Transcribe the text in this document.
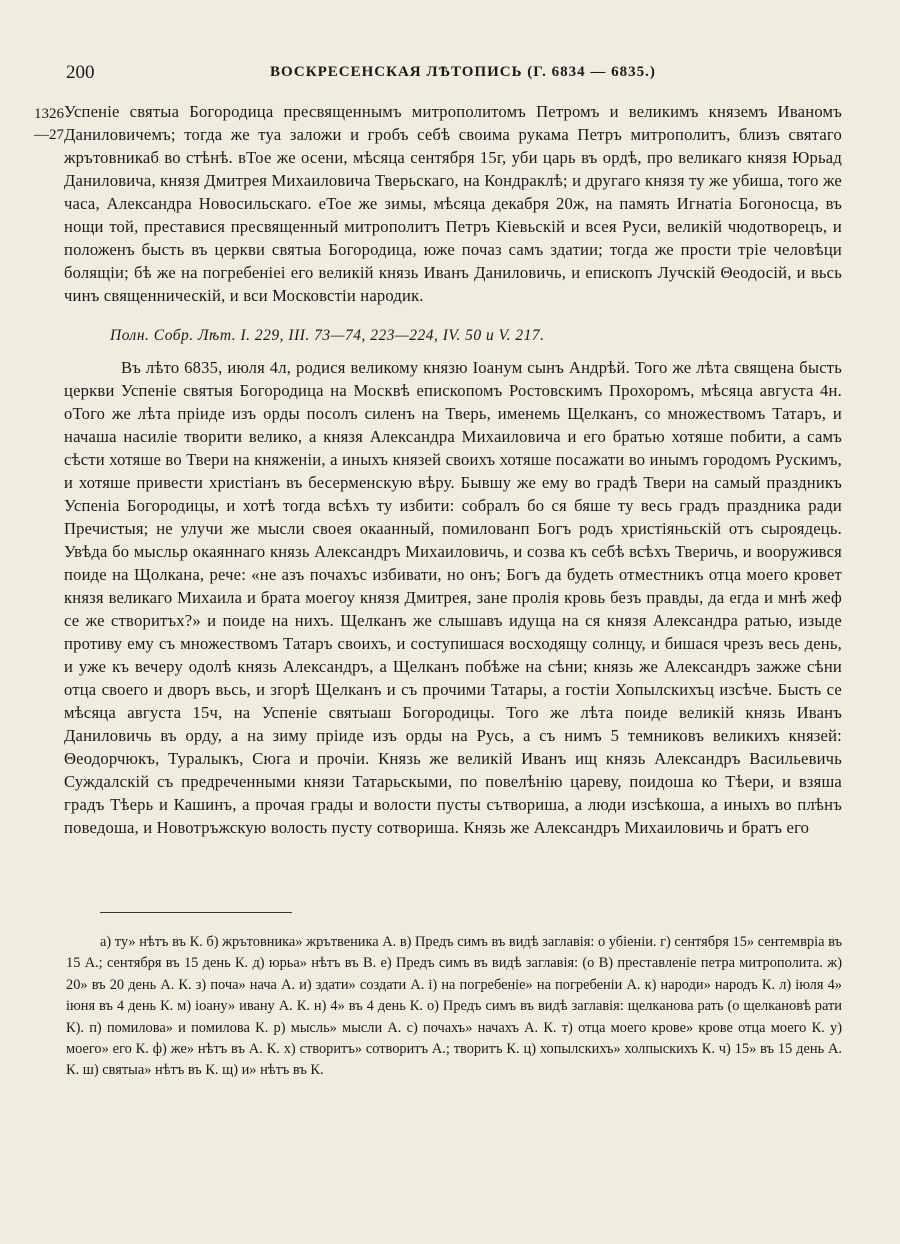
200	ВОСКРЕСЕНСКАЯ ЛѢТОПИСЬ (Г. 6834 — 6835.)
1326
—27

Успеніе святыа Богородица пресвященнымъ митрополитомъ Петромъ и великимъ княземъ Иваномъ Даниловичемъ; тогда же туа заложи и гробъ себѣ своима рукама Петръ митрополитъ, близъ святаго жрътовникаб во стѣнѣ. вТое же осени, мѣсяца сентября 15г, уби царь въ ордѣ, про великаго князя Юрьад Даниловича, князя Дмитрея Михаиловича Тверьскаго, на Кондраклѣ; и другаго князя ту же убиша, того же часа, Александра Новосильскаго. еТое же зимы, мѣсяца декабря 20ж, на память Игнатіа Богоносца, въ нощи той, преставися пресвященный митрополитъ Петръ Кіевьскій и всея Руси, великій чюдотворецъ, и положенъ бысть въ церкви святыа Богородица, юже почаз самъ здатии; тогда же прости тріе человѣци болящіи; бѣ же на погребеніеі его великій князь Иванъ Даниловичь, и епископъ Лучскій Θеодосій, и вьсь чинъ священническій, и вси Московстіи народик.

Полн. Собр. Лѣт. I. 229, III. 73—74, 223—224, IV. 50 и V. 217.

Въ лѣто 6835, июля 4л, родися великому князю Іоанум сынъ Андрѣй. Того же лѣта священа бысть церкви Успеніе святыя Богородица на Москвѣ епископомъ Ростовскимъ Прохоромъ, мѣсяца августа 4н. оТого же лѣта пріиде изъ орды посолъ силенъ на Тверь, именемь Щелканъ, со множествомъ Татаръ, и начаша насиліе творити велико, а князя Александра Михаиловича и его братью хотяше побити, а самъ сѣсти хотяше во Твери на княженіи, а иныхъ князей своихъ хотяше посажати во инымъ городомъ Рускимъ, и хотяше привести христіанъ въ бесерменскую вѣру. Бывшу же ему во градѣ Твери на самый праздникъ Успеніа Богородицы, и хотѣ тогда всѣхъ ту избити: собралъ бо ся бяше ту весь градъ праздника ради Пречистыя; не улучи же мысли своея окаанный, помилованп Богъ родъ христіяньскій отъ сыроядець. Увѣда бо мысльр окаяннаго князь Александръ Михаиловичь, и созва къ себѣ всѣхъ Тверичь, и вооружився поиде на Щолкана, рече: «не азъ почахъс избивати, но онъ; Богъ да будеть отместникъ отца моего кровет князя великаго Михаила и брата моегоу князя Дмитрея, зане пролія кровь безъ правды, да егда и мнѣ жеф се же створитъх?» и поиде на нихъ. Щелканъ же слышавъ идуща на ся князя Александра ратью, изыде противу ему съ множествомъ Татаръ своихъ, и соступишася восходящу солнцу, и бишася чрезъ весь день, и уже къ вечеру одолѣ князь Александръ, а Щелканъ побѣже на сѣни; князь же Александръ зажже сѣни отца своего и дворъ вьсь, и згорѣ Щелканъ и съ прочими Татары, а гостіи Хопылскихъц изсѣче. Бысть се мѣсяца августа 15ч, на Успеніе святыаш Богородицы. Того же лѣта поиде великій князь Иванъ Даниловичь въ орду, а на зиму пріиде изъ орды на Русь, а съ нимъ 5 темниковъ великихъ князей: Θеодорчюкъ, Туралыкъ, Сюга и прочіи. Князь же великій Иванъ ищ князь Александръ Васильевичь Суждалскій съ предреченными князи Татарьскыми, по повелѣнію цареву, поидоша ко Тѣери, и взяша градъ Тѣерь и Кашинъ, а прочая грады и волости пусты сътвориша, а люди изсѣкоша, а иныхъ во плѣнъ поведоша, и Новотръжскую волость пусту сотвориша. Князь же Александръ Михаиловичь и братъ его

а) ту» нѣтъ въ К. б) жрътовника» жрътвеника А. в) Предъ симъ въ видѣ заглавія: о убіеніи. г) сентября 15» сентемвріа въ 15 А.; сентября въ 15 день К. д) юрьа» нѣтъ въ В. е) Предъ симъ въ видѣ заглавія: (о В) преставленіе петра митрополита. ж) 20» въ 20 день А. К. з) поча» нача А. и) здати» создати А. і) на погребеніе» на погребеніи А. к) народи» народъ К. л) іюля 4» іюня въ 4 день К. м) іоану» ивану А. К. н) 4» въ 4 день К. о) Предъ симъ въ видѣ заглавія: щелканова рать (о щелкановѣ рати К). п) помилова» и помилова К. р) мысль» мысли А. с) почахъ» начахъ А. К. т) отца моего крове» крове отца моего К. у) моего» его К. ф) же» нѣтъ въ А. К. х) створитъ» сотворитъ А.; творитъ К. ц) хопылскихъ» холпыскихъ К. ч) 15» въ 15 день А. К. ш) святыа» нѣтъ въ К. щ) и» нѣтъ въ К.
